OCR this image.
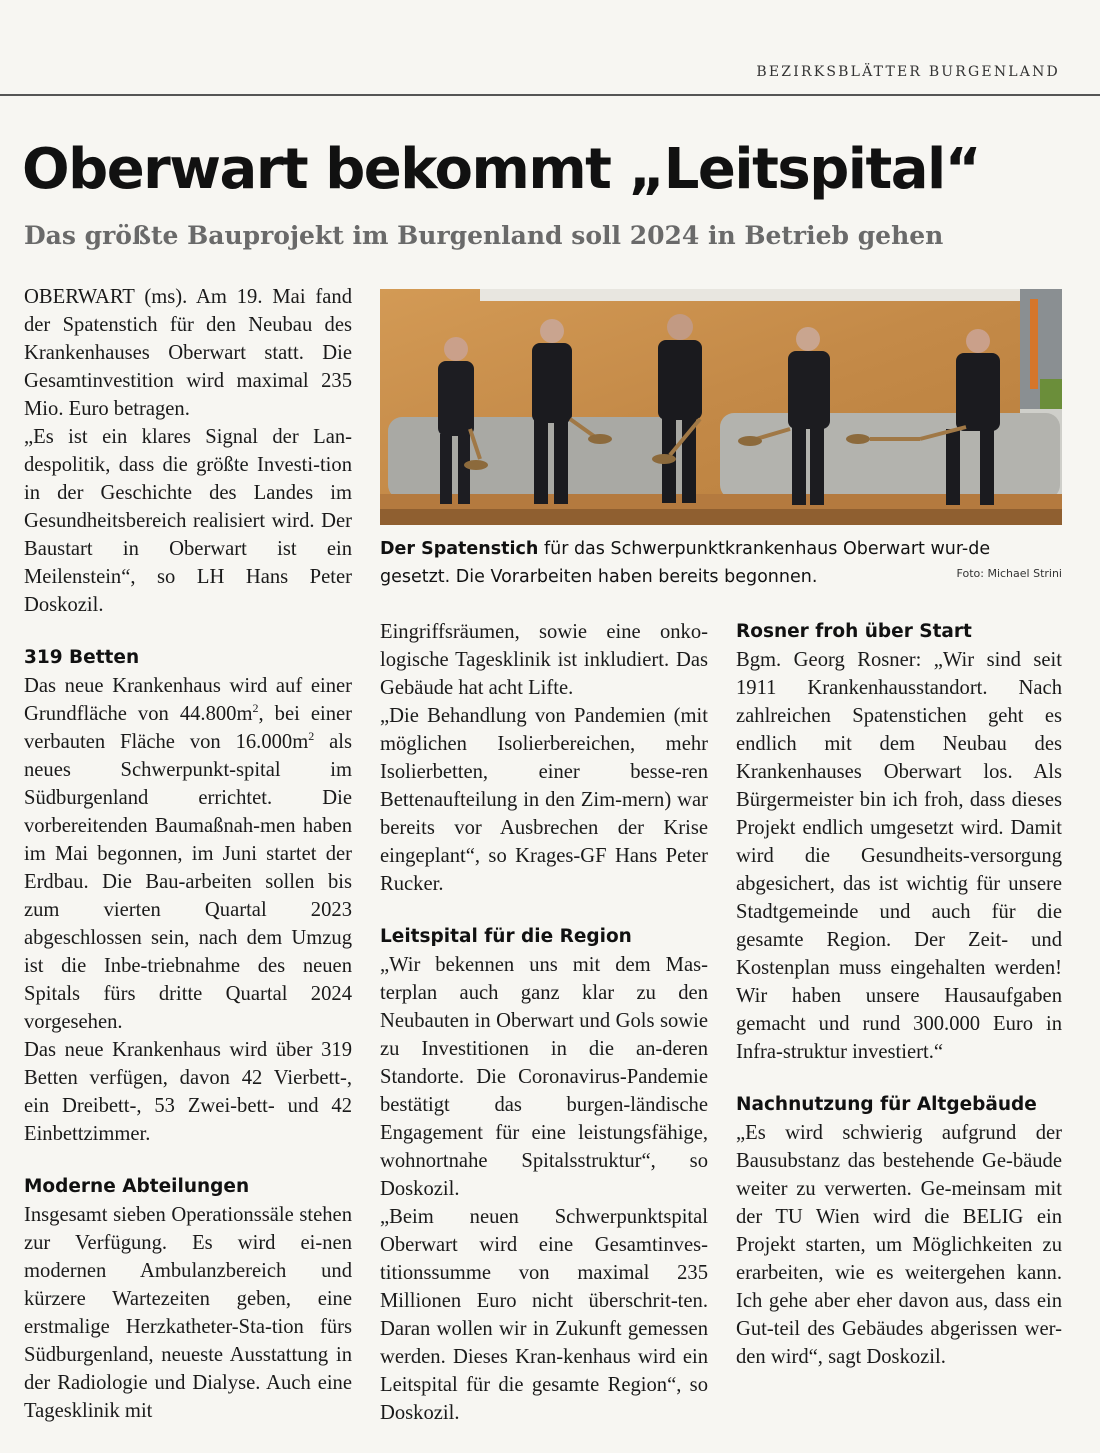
BEZIRKSBLÄTTER BURGENLAND
Oberwart bekommt „Leitspital“
Das größte Bauprojekt im Burgenland soll 2024 in Betrieb gehen

OBERWART (ms). Am 19. Mai fand der Spatenstich für den Neubau des Krankenhauses Oberwart statt. Die Gesamtinvestition wird maximal 235 Mio. Euro betragen.

„Es ist ein klares Signal der Lan-despolitik, dass die größte Investi-tion in der Geschichte des Landes im Gesundheitsbereich realisiert wird. Der Baustart in Oberwart ist ein Meilenstein“, so LH Hans Peter Doskozil.

319 Betten

Das neue Krankenhaus wird auf einer Grundfläche von $44.800m^2$, bei einer verbauten Fläche von $16.000m^2$ als neues Schwerpunkt-spital im Südburgenland errichtet. Die vorbereitenden Baumaßnah-men haben im Mai begonnen, im Juni startet der Erdbau. Die Bau-arbeiten sollen bis zum vierten Quartal 2023 abgeschlossen sein, nach dem Umzug ist die Inbe-triebnahme des neuen Spitals fürs dritte Quartal 2024 vorgesehen.

Das neue Krankenhaus wird über 319 Betten verfügen, davon 42 Vierbett-, ein Dreibett-, 53 Zwei-bett- und 42 Einbettzimmer.

Moderne Abteilungen

Insgesamt sieben Operationssäle stehen zur Verfügung. Es wird ei-nen modernen Ambulanzbereich und kürzere Wartezeiten geben, eine erstmalige Herzkatheter-Sta-tion fürs Südburgenland, neueste Ausstattung in der Radiologie und Dialyse. Auch eine Tagesklinik mit

Der Spatenstich für das Schwerpunktkrankenhaus Oberwart wur-de gesetzt. Die Vorarbeiten haben bereits begonnen.	Foto: Michael Strini

Eingriffsräumen, sowie eine onko-logische Tagesklinik ist inkludiert. Das Gebäude hat acht Lifte.

„Die Behandlung von Pandemien (mit möglichen Isolierbereichen, mehr Isolierbetten, einer besse-ren Bettenaufteilung in den Zim-mern) war bereits vor Ausbrechen der Krise eingeplant“, so Krages-GF Hans Peter Rucker.

Leitspital für die Region

„Wir bekennen uns mit dem Mas-terplan auch ganz klar zu den Neubauten in Oberwart und Gols sowie zu Investitionen in die an-deren Standorte. Die Coronavirus-Pandemie bestätigt das burgen-ländische Engagement für eine leistungsfähige, wohnortnahe Spitalsstruktur“, so Doskozil.

„Beim neuen Schwerpunktspital Oberwart wird eine Gesamtinves-titionssumme von maximal 235 Millionen Euro nicht überschrit-ten. Daran wollen wir in Zukunft gemessen werden. Dieses Kran-kenhaus wird ein Leitspital für die gesamte Region“, so Doskozil.

Rosner froh über Start

Bgm. Georg Rosner: „Wir sind seit 1911 Krankenhausstandort. Nach zahlreichen Spatenstichen geht es endlich mit dem Neubau des Krankenhauses Oberwart los. Als Bürgermeister bin ich froh, dass dieses Projekt endlich umgesetzt wird. Damit wird die Gesundheits-versorgung abgesichert, das ist wichtig für unsere Stadtgemeinde und auch für die gesamte Region. Der Zeit- und Kostenplan muss eingehalten werden! Wir haben unsere Hausaufgaben gemacht und rund 300.000 Euro in Infra-struktur investiert.“

Nachnutzung für Altgebäude

„Es wird schwierig aufgrund der Bausubstanz das bestehende Ge-bäude weiter zu verwerten. Ge-meinsam mit der TU Wien wird die BELIG ein Projekt starten, um Möglichkeiten zu erarbeiten, wie es weitergehen kann. Ich gehe aber eher davon aus, dass ein Gut-teil des Gebäudes abgerissen wer-den wird“, sagt Doskozil.
